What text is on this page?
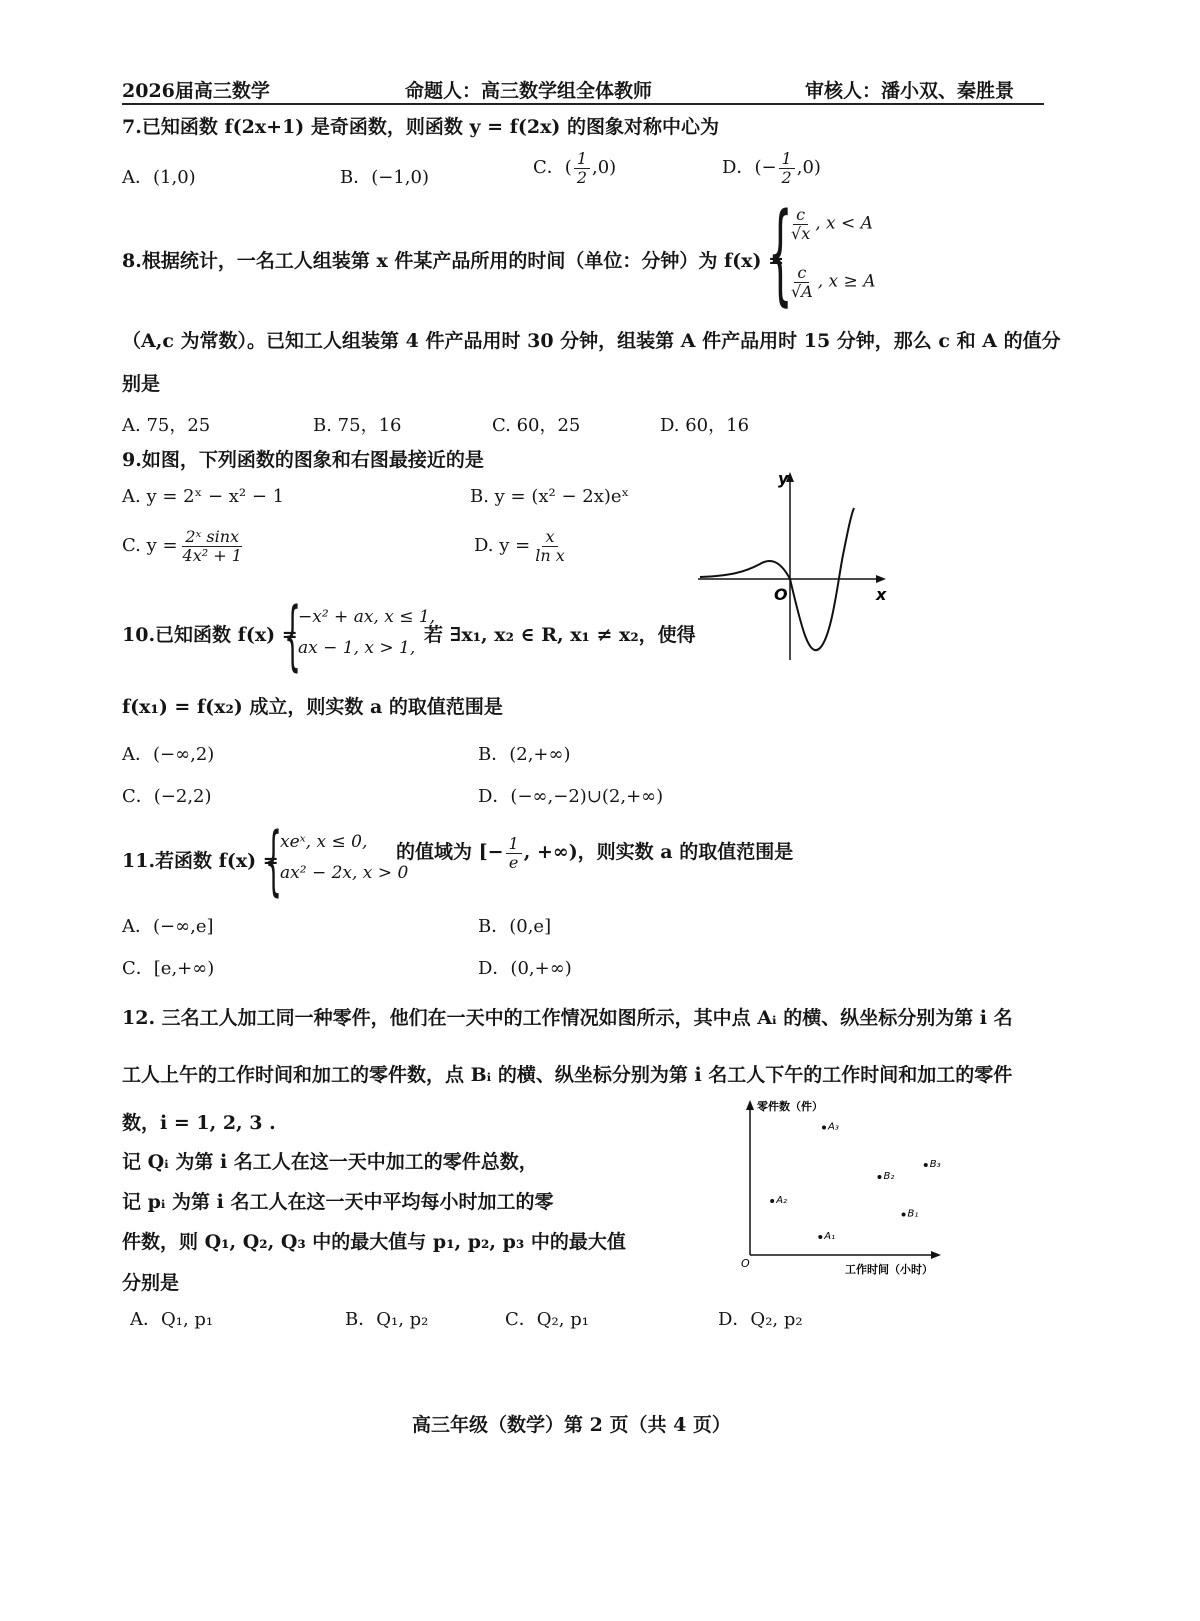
2026届高三数学	命题人：高三数学组全体教师	审核人：潘小双、秦胜景
7.已知函数 f(2x+1) 是奇函数，则函数 y = f(2x) 的图象对称中心为
A．(1,0)	B．(−1,0)	C．( $\frac{1}{2} ,0$)	D．(− $\frac{1}{2} ,0$)
8.根据统计，一名工人组装第 x 件某产品所用的时间（单位：分钟）为 f(x) =
{
$\frac{c}{√x}$ , x < A
$\frac{c}{√A}$ , x ≥ A
（A,c 为常数）。已知工人组装第 4 件产品用时 30 分钟，组装第 A 件产品用时 15 分钟，那么 c 和 A 的值分
别是
A. 75，25	B. 75，16	C. 60，25	D. 60，16
9.如图，下列函数的图象和右图最接近的是
A. y = 2ˣ − x² − 1	B. y = (x² − 2x)eˣ
C. $y = \frac{\text{2ˣ sinx}}{\text{4x² + 1}}$	D. $y = \frac{x}{\text{ln x}}$
y
x
O
10.已知函数 f(x) =
{
−x² + ax, x ≤ 1,
ax − 1, x > 1,
若 ∃x₁, x₂ ∈ R, x₁ ≠ x₂，使得
f(x₁) = f(x₂) 成立，则实数 a 的取值范围是
A．(−∞,2)	B．(2,+∞)
C．(−2,2)	D．(−∞,−2)∪(2,+∞)
11.若函数 f(x) =
{
xeˣ, x ≤ 0,
ax² − 2x, x > 0
的值域为 [− $\frac{1}{e}$ , +∞)，则实数 a 的取值范围是
A．(−∞,e]	B．(0,e]
C．[e,+∞)	D．(0,+∞)
12. 三名工人加工同一种零件，他们在一天中的工作情况如图所示，其中点 Aᵢ 的横、纵坐标分别为第 i 名
工人上午的工作时间和加工的零件数，点 Bᵢ 的横、纵坐标分别为第 i 名工人下午的工作时间和加工的零件
数，i = 1, 2, 3 .
记 Qᵢ 为第 i 名工人在这一天中加工的零件总数，
记 pᵢ 为第 i 名工人在这一天中平均每小时加工的零
件数，则 Q₁, Q₂, Q₃ 中的最大值与 p₁, p₂, p₃ 中的最大值
分别是
零件数（件）
工作时间（小时）
O
A₁
A₂
A₃
B₁
B₂
B₃
A．Q₁, p₁	B．Q₁, p₂	C．Q₂, p₁	D．Q₂, p₂
高三年级（数学）第 2 页（共 4 页）
